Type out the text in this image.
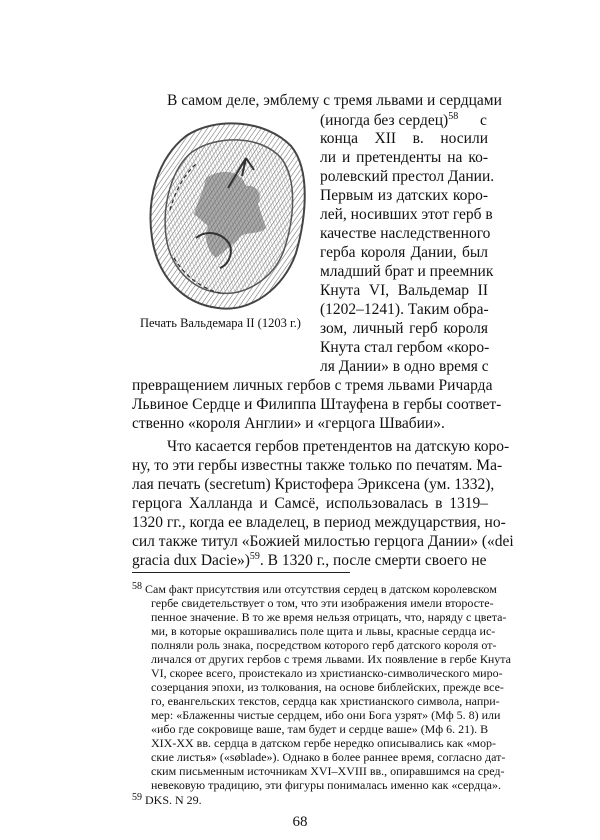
Печать Вальдемара II (1203 г.)
В самом деле, эмблему с тремя львами и сердцами
(иногда без сердец)$^{58}$ с
конца XII в. носили
ли и претенденты на ко-
ролевский престол Дании.
Первым из датских коро-
лей, носивших этот герб в
качестве наследственного
герба короля Дании, был
младший брат и преемник
Кнута VI, Вальдемар II
(1202–1241). Таким обра-
зом, личный герб короля
Кнута стал гербом «коро-
ля Дании» в одно время с
превращением личных гербов с тремя львами Ричарда
Львиное Сердце и Филиппа Штауфена в гербы соответ-
ственно «короля Англии» и «герцога Швабии».
Что касается гербов претендентов на датскую коро-
ну, то эти гербы известны также только по печатям. Ма-
лая печать (secretum) Кристофера Эриксена (ум. 1332),
герцога Халланда и Самсё, использовалась в 1319–
1320 гг., когда ее владелец, в период междуцарствия, но-
сил также титул «Божией милостью герцога Дании» («dei
gracia dux Dacie»)$^{59}$. В 1320 г., после смерти своего не
$^{58}$ Сам факт присутствия или отсутствия сердец в датском королевском
гербе свидетельствует о том, что эти изображения имели второсте-
пенное значение. В то же время нельзя отрицать, что, наряду с цвета-
ми, в которые окрашивались поле щита и львы, красные сердца ис-
полняли роль знака, посредством которого герб датского короля от-
личался от других гербов с тремя львами. Их появление в гербе Кнута
VI, скорее всего, проистекало из христианско-символического миро-
созерцания эпохи, из толкования, на основе библейских, прежде все-
го, евангельских текстов, сердца как христианского символа, напри-
мер: «Блаженны чистые сердцем, ибо они Бога узрят» (Мф 5. 8) или
«ибо где сокровище ваше, там будет и сердце ваше» (Мф 6. 21). В
XIX-XX вв. сердца в датском гербе нередко описывались как «мор-
ские листья» («søblade»). Однако в более раннее время, согласно дат-
68
ским письменным источникам XVI–XVIII вв., опиравшимся на сред-
невековую традицию, эти фигуры понималась именно как «сердца».
$^{59}$ DKS. N 29.
